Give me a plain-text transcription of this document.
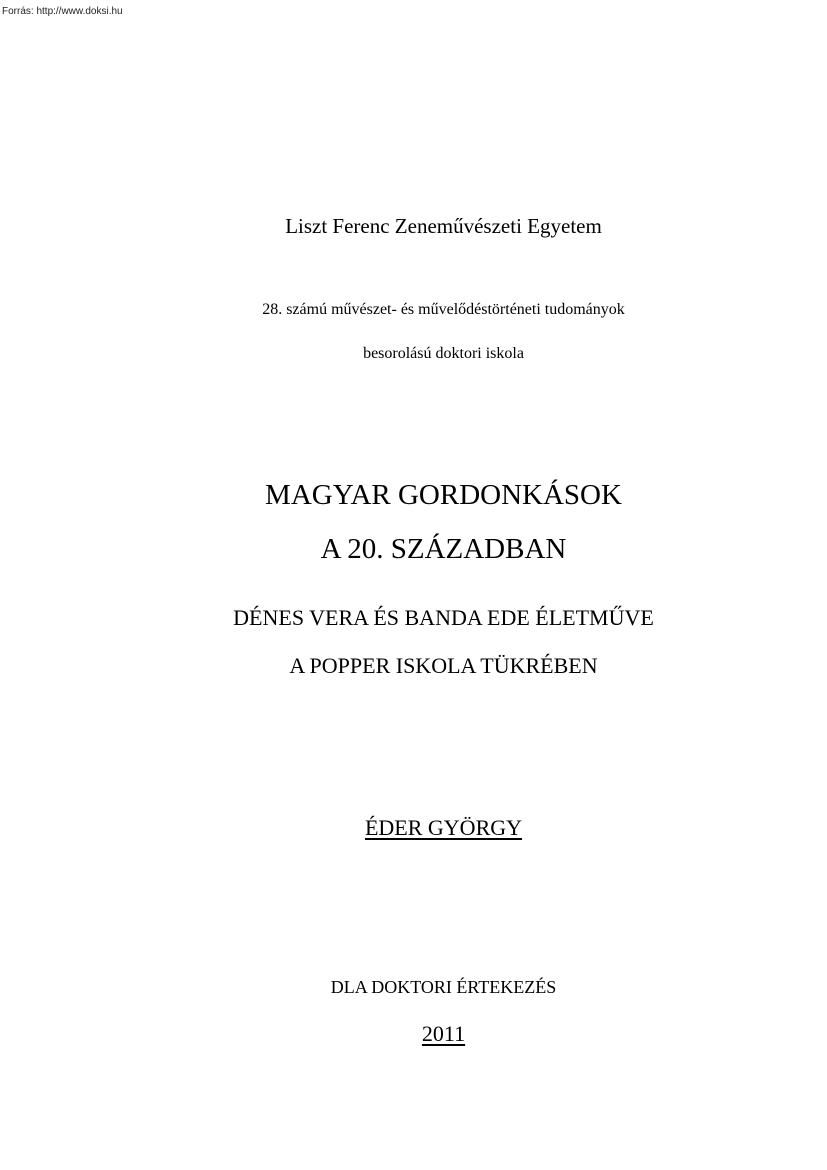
Forrás: http://www.doksi.hu
Liszt Ferenc Zeneművészeti Egyetem
28. számú művészet- és művelődéstörténeti tudományok
besorolású doktori iskola
MAGYAR GORDONKÁSOK
A 20. SZÁZADBAN
DÉNES VERA ÉS BANDA EDE ÉLETMŰVE
A POPPER ISKOLA TÜKRÉBEN
ÉDER GYÖRGY
DLA DOKTORI ÉRTEKEZÉS
2011
